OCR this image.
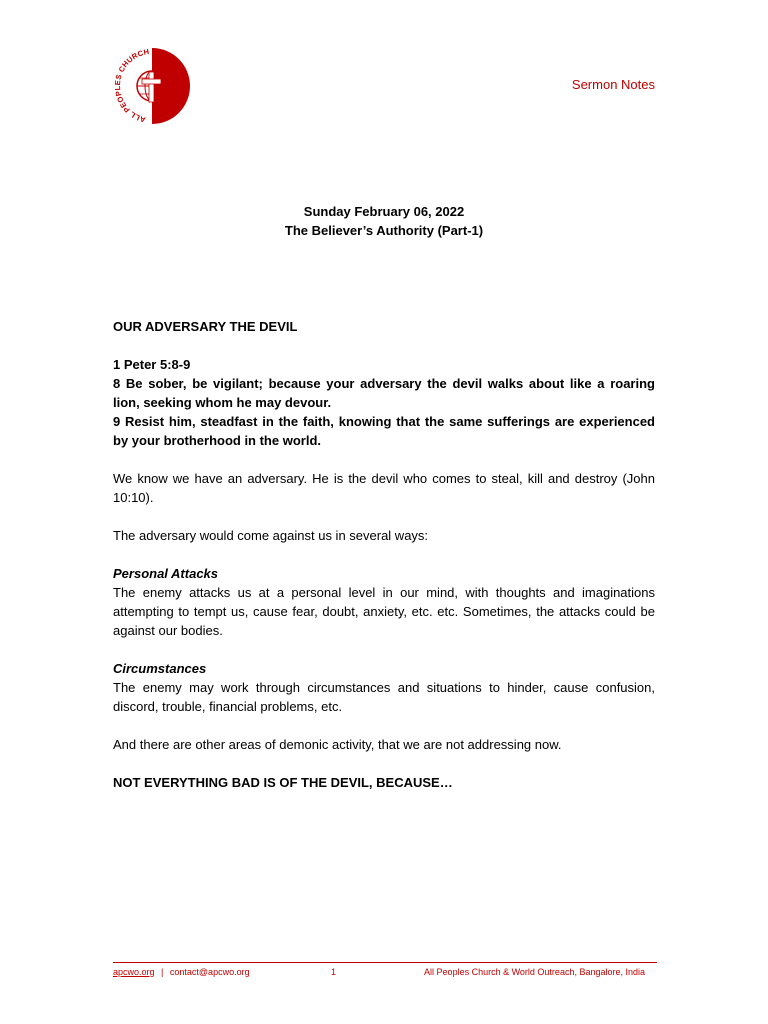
ALL PEOPLES CHURCH
Sermon Notes
Sunday February 06, 2022
The Believer’s Authority (Part-1)

OUR ADVERSARY THE DEVIL

1 Peter 5:8-9
8 Be sober, be vigilant; because your adversary the devil walks about like a roaring lion, seeking whom he may devour.
9 Resist him, steadfast in the faith, knowing that the same sufferings are experienced by your brotherhood in the world.

We know we have an adversary. He is the devil who comes to steal, kill and destroy (John 10:10).

The adversary would come against us in several ways:

Personal Attacks
The enemy attacks us at a personal level in our mind, with thoughts and imaginations attempting to tempt us, cause fear, doubt, anxiety, etc. etc. Sometimes, the attacks could be against our bodies.

Circumstances
The enemy may work through circumstances and situations to hinder, cause confusion, discord, trouble, financial problems, etc.

And there are other areas of demonic activity, that we are not addressing now.

NOT EVERYTHING BAD IS OF THE DEVIL, BECAUSE…

apcwo.org | contact@apcwo.org	1	All Peoples Church & World Outreach, Bangalore, India
